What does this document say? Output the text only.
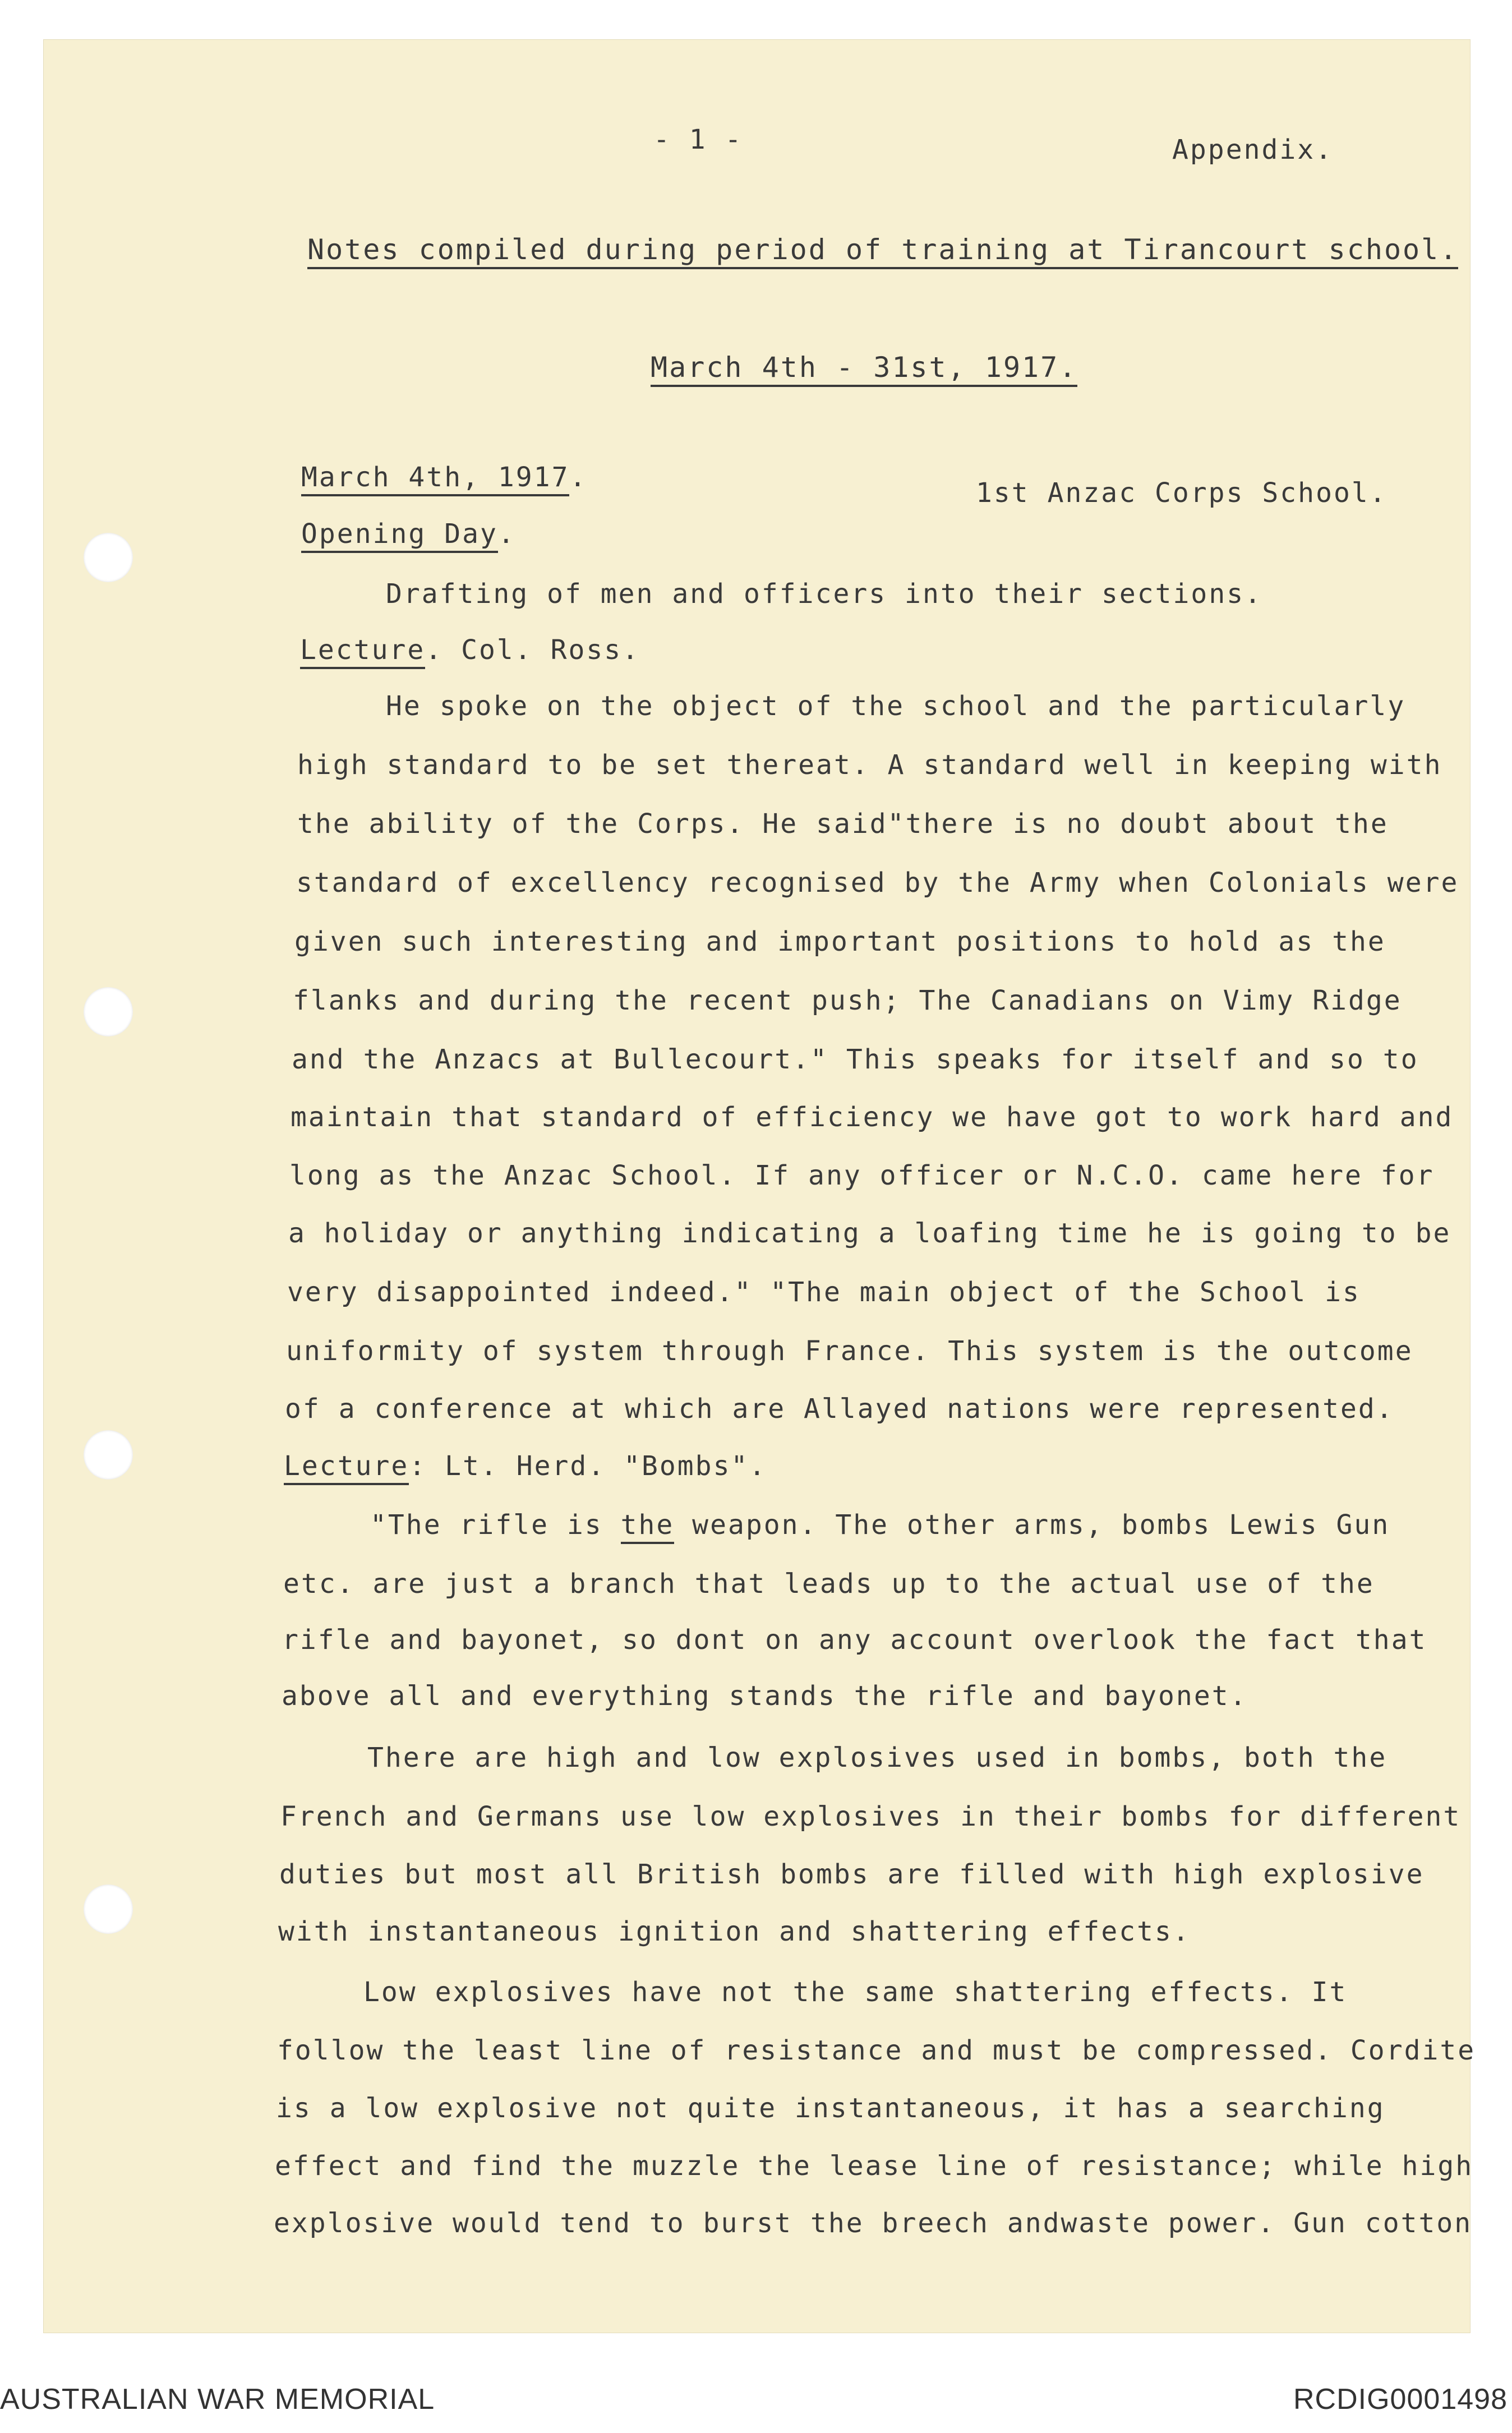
- 1 -	Appendix.
Notes compiled during period of training at Tirancourt school.
March 4th - 31st, 1917.
March 4th, 1917.	1st Anzac Corps School.
Opening Day.
Drafting of men and officers into their sections.
Lecture. Col. Ross.
He spoke on the object of the school and the particularly
high standard to be set thereat. A standard well in keeping with
the ability of the Corps. He said"there is no doubt about the
standard of excellency recognised by the Army when Colonials were
given such interesting and important positions to hold as the
flanks and during the recent push; The Canadians on Vimy Ridge
and the Anzacs at Bullecourt." This speaks for itself and so to
maintain that standard of efficiency we have got to work hard and
long as the Anzac School. If any officer or N.C.O. came here for
a holiday or anything indicating a loafing time he is going to be
very disappointed indeed." "The main object of the School is
uniformity of system through France. This system is the outcome
of a conference at which are Allayed nations were represented.
Lecture: Lt. Herd. "Bombs".
"The rifle is the weapon. The other arms, bombs Lewis Gun
etc. are just a branch that leads up to the actual use of the
rifle and bayonet, so dont on any account overlook the fact that
above all and everything stands the rifle and bayonet.
There are high and low explosives used in bombs, both the
French and Germans use low explosives in their bombs for different
duties but most all British bombs are filled with high explosive
with instantaneous ignition and shattering effects.
Low explosives have not the same shattering effects. It
follow the least line of resistance and must be compressed. Cordite
is a low explosive not quite instantaneous, it has a searching
effect and find the muzzle the lease line of resistance; while high
explosive would tend to burst the breech andwaste power. Gun cotton
AUSTRALIAN WAR MEMORIAL	RCDIG0001498
